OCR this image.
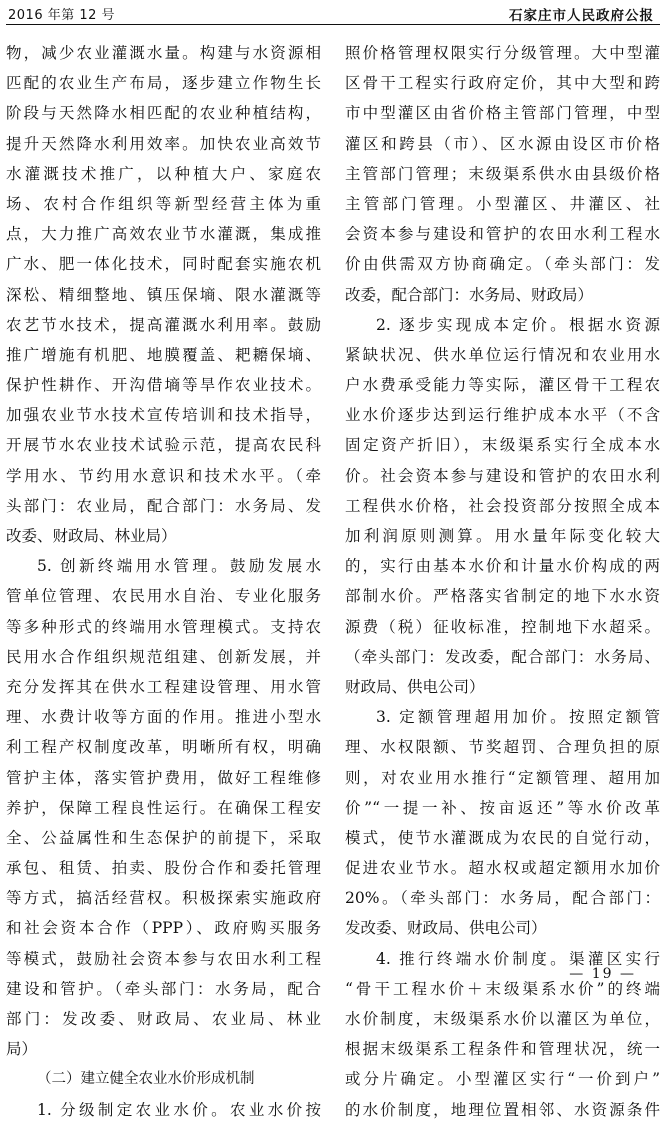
2016 年第 12 号	石家庄市人民政府公报
物，减少农业灌溉水量。构建与水资源相
匹配的农业生产布局，逐步建立作物生长
阶段与天然降水相匹配的农业种植结构，
提升天然降水利用效率。加快农业高效节
水灌溉技术推广，以种植大户、家庭农
场、农村合作组织等新型经营主体为重
点，大力推广高效农业节水灌溉，集成推
广水、肥一体化技术，同时配套实施农机
深松、精细整地、镇压保墒、限水灌溉等
农艺节水技术，提高灌溉水利用率。鼓励
推广增施有机肥、地膜覆盖、耙耱保墒、
保护性耕作、开沟借墒等旱作农业技术。
加强农业节水技术宣传培训和技术指导，
开展节水农业技术试验示范，提高农民科
学用水、节约用水意识和技术水平。（牵
头部门：农业局，配合部门：水务局、发
改委、财政局、林业局）
5. 创新终端用水管理。鼓励发展水
管单位管理、农民用水自治、专业化服务
等多种形式的终端用水管理模式。支持农
民用水合作组织规范组建、创新发展，并
充分发挥其在供水工程建设管理、用水管
理、水费计收等方面的作用。推进小型水
利工程产权制度改革，明晰所有权，明确
管护主体，落实管护费用，做好工程维修
养护，保障工程良性运行。在确保工程安
全、公益属性和生态保护的前提下，采取
承包、租赁、拍卖、股份合作和委托管理
等方式，搞活经营权。积极探索实施政府
和社会资本合作（PPP）、政府购买服务
等模式，鼓励社会资本参与农田水利工程
建设和管护。（牵头部门：水务局，配合
部门：发改委、财政局、农业局、林业
局）
（二）建立健全农业水价形成机制
1. 分级制定农业水价。农业水价按
照价格管理权限实行分级管理。大中型灌
区骨干工程实行政府定价，其中大型和跨
市中型灌区由省价格主管部门管理，中型
灌区和跨县（市）、区水源由设区市价格
主管部门管理；末级渠系供水由县级价格
主管部门管理。小型灌区、井灌区、社
会资本参与建设和管护的农田水利工程水
价由供需双方协商确定。（牵头部门：发
改委，配合部门：水务局、财政局）
2. 逐步实现成本定价。根据水资源
紧缺状况、供水单位运行情况和农业用水
户水费承受能力等实际，灌区骨干工程农
业水价逐步达到运行维护成本水平（不含
固定资产折旧），末级渠系实行全成本水
价。社会资本参与建设和管护的农田水利
工程供水价格，社会投资部分按照全成本
加利润原则测算。用水量年际变化较大
的，实行由基本水价和计量水价构成的两
部制水价。严格落实省制定的地下水水资
源费（税）征收标准，控制地下水超采。
（牵头部门：发改委，配合部门：水务局、
财政局、供电公司）
3. 定额管理超用加价。按照定额管
理、水权限额、节奖超罚、合理负担的原
则，对农业用水推行“定额管理、超用加
价”“一提一补、按亩返还”等水价改革
模式，使节水灌溉成为农民的自觉行动，
促进农业节水。超水权或超定额用水加价
20%。（牵头部门：水务局，配合部门：
发改委、财政局、供电公司）
4. 推行终端水价制度。渠灌区实行
“骨干工程水价＋末级渠系水价”的终端
水价制度，末级渠系水价以灌区为单位，
根据末级渠系工程条件和管理状况，统一
或分片确定。小型灌区实行“一价到户”
的水价制度，地理位置相邻、水资源条件
— 19 —
